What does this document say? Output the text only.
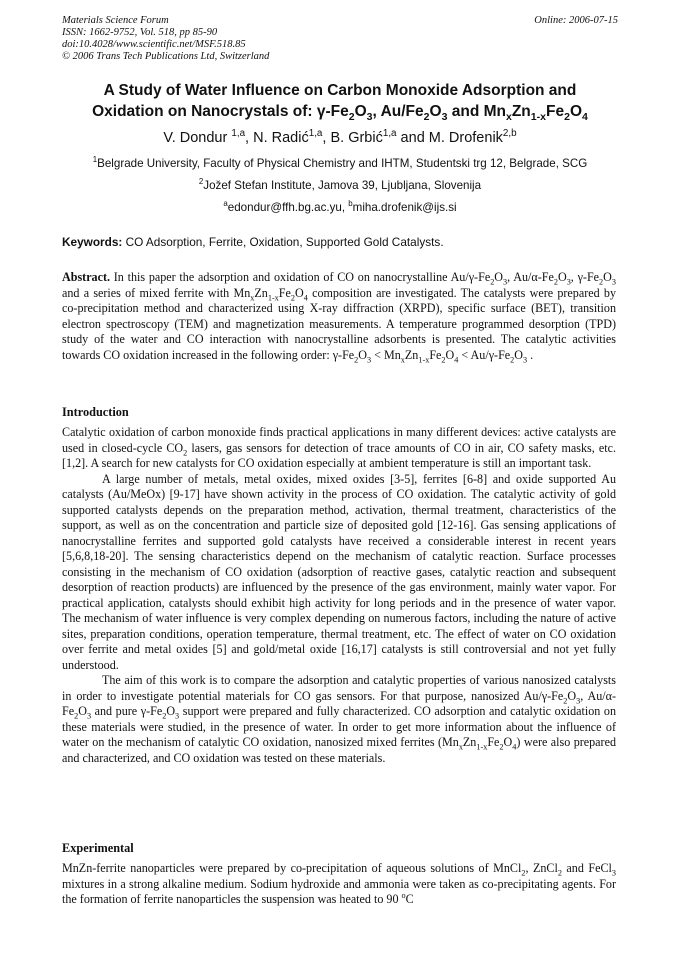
Materials Science Forum
ISSN: 1662-9752, Vol. 518, pp 85-90
doi:10.4028/www.scientific.net/MSF.518.85
© 2006 Trans Tech Publications Ltd, Switzerland
Online: 2006-07-15
A Study of Water Influence on Carbon Monoxide Adsorption and
Oxidation on Nanocrystals of: $\gamma-Fe_2O_3$, $Au/Fe_2O_3$ and $Mn_xZn_{1-x}Fe_2O_4$
V. Dondur $^{1,a}$, N. Radić$^{1,a}$, B. Grbić$^{1,a}$ and M. Drofenik$^{2,b}$
$^1$Belgrade University, Faculty of Physical Chemistry and IHTM, Studentski trg 12, Belgrade, SCG
$^2$Jožef Stefan Institute, Jamova 39, Ljubljana, Slovenija
$^a$edondur@ffh.bg.ac.yu, $^b$miha.drofenik@ijs.si
Keywords: CO Adsorption, Ferrite, Oxidation, Supported Gold Catalysts.

Abstract. In this paper the adsorption and oxidation of CO on nanocrystalline $Au/\gamma-Fe_2O_3$, $Au/\alpha-Fe_2O_3$, $\gamma-Fe_2O_3$ and a series of mixed ferrite with $Mn_xZn_{1-x}Fe_2O_4$ composition are investigated. The catalysts were prepared by co-precipitation method and characterized using X-ray diffraction (XRPD), specific surface (BET), transition electron spectroscopy (TEM) and magnetization measurements. A temperature programmed desorption (TPD) study of the water and CO interaction with nanocrystalline adsorbents is presented. The catalytic activities towards CO oxidation increased in the following order: $\gamma-Fe_2O_3 < Mn_xZn_{1-x}Fe_2O_4 < Au/\gamma-Fe_2O_3$ .

Introduction

Catalytic oxidation of carbon monoxide finds practical applications in many different devices: active catalysts are used in closed-cycle $CO_2$ lasers, gas sensors for detection of trace amounts of CO in air, CO safety masks, etc. [1,2]. A search for new catalysts for CO oxidation especially at ambient temperature is still an important task.

A large number of metals, metal oxides, mixed oxides [3-5], ferrites [6-8] and oxide supported Au catalysts (Au/MeOx) [9-17] have shown activity in the process of CO oxidation. The catalytic activity of gold supported catalysts depends on the preparation method, activation, thermal treatment, characteristics of the support, as well as on the concentration and particle size of deposited gold [12-16]. Gas sensing applications of nanocrystalline ferrites and supported gold catalysts have received a considerable interest in recent years [5,6,8,18-20]. The sensing characteristics depend on the mechanism of catalytic reaction. Surface processes consisting in the mechanism of CO oxidation (adsorption of reactive gases, catalytic reaction and subsequent desorption of reaction products) are influenced by the presence of the gas environment, mainly water vapor. For practical application, catalysts should exhibit high activity for long periods and in the presence of water vapor. The mechanism of water influence is very complex depending on numerous factors, including the nature of active sites, preparation conditions, operation temperature, thermal treatment, etc. The effect of water on CO oxidation over ferrite and metal oxides [5] and gold/metal oxide [16,17] catalysts is still controversial and not yet fully understood.

The aim of this work is to compare the adsorption and catalytic properties of various nanosized catalysts in order to investigate potential materials for CO gas sensors. For that purpose, nanosized $Au/\gamma-Fe_2O_3$, $Au/\alpha-Fe_2O_3$ and pure $\gamma-Fe_2O_3$ support were prepared and fully characterized. CO adsorption and catalytic oxidation on these materials were studied, in the presence of water. In order to get more information about the influence of water on the mechanism of catalytic CO oxidation, nanosized mixed ferrites $(Mn_xZn_{1-x}Fe_2O_4)$ were also prepared and characterized, and CO oxidation was tested on these materials.

Experimental

MnZn-ferrite nanoparticles were prepared by co-precipitation of aqueous solutions of MnCl$_2$, ZnCl$_2$ and FeCl$_3$ mixtures in a strong alkaline medium. Sodium hydroxide and ammonia were taken as co-precipitating agents. For the formation of ferrite nanoparticles the suspension was heated to 90 $^o$C
